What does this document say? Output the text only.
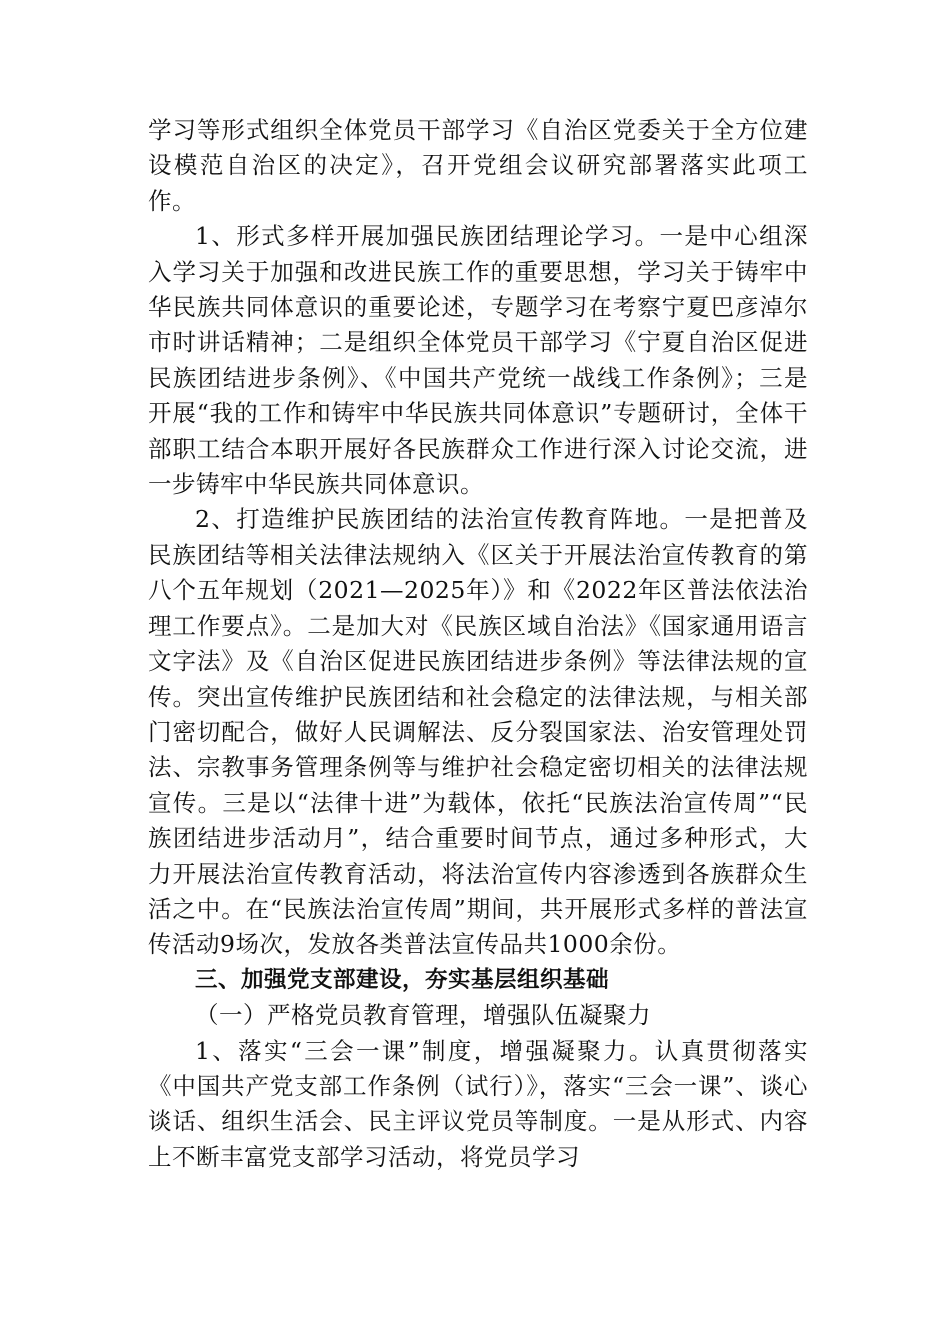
学习等形式组织全体党员干部学习《自治区党委关于全方位建设模范自治区的决定》，召开党组会议研究部署落实此项工作。

1、形式多样开展加强民族团结理论学习。一是中心组深入学习关于加强和改进民族工作的重要思想，学习关于铸牢中华民族共同体意识的重要论述，专题学习在考察宁夏巴彦淖尔市时讲话精神；二是组织全体党员干部学习《宁夏自治区促进民族团结进步条例》、《中国共产党统一战线工作条例》；三是开展“我的工作和铸牢中华民族共同体意识”专题研讨，全体干部职工结合本职开展好各民族群众工作进行深入讨论交流，进一步铸牢中华民族共同体意识。

2、打造维护民族团结的法治宣传教育阵地。一是把普及民族团结等相关法律法规纳入《区关于开展法治宣传教育的第八个五年规划（2021—2025年）》和《2022年区普法依法治理工作要点》。二是加大对《民族区域自治法》《国家通用语言文字法》及《自治区促进民族团结进步条例》等法律法规的宣传。突出宣传维护民族团结和社会稳定的法律法规，与相关部门密切配合，做好人民调解法、反分裂国家法、治安管理处罚法、宗教事务管理条例等与维护社会稳定密切相关的法律法规宣传。三是以“法律十进”为载体，依托“民族法治宣传周”“民族团结进步活动月”，结合重要时间节点，通过多种形式，大力开展法治宣传教育活动，将法治宣传内容渗透到各族群众生活之中。在“民族法治宣传周”期间，共开展形式多样的普法宣传活动9场次，发放各类普法宣传品共1000余份。

三、加强党支部建设，夯实基层组织基础

（一）严格党员教育管理，增强队伍凝聚力

1、落实“三会一课”制度，增强凝聚力。认真贯彻落实《中国共产党支部工作条例（试行）》，落实“三会一课”、谈心谈话、组织生活会、民主评议党员等制度。一是从形式、内容上不断丰富党支部学习活动，将党员学习
